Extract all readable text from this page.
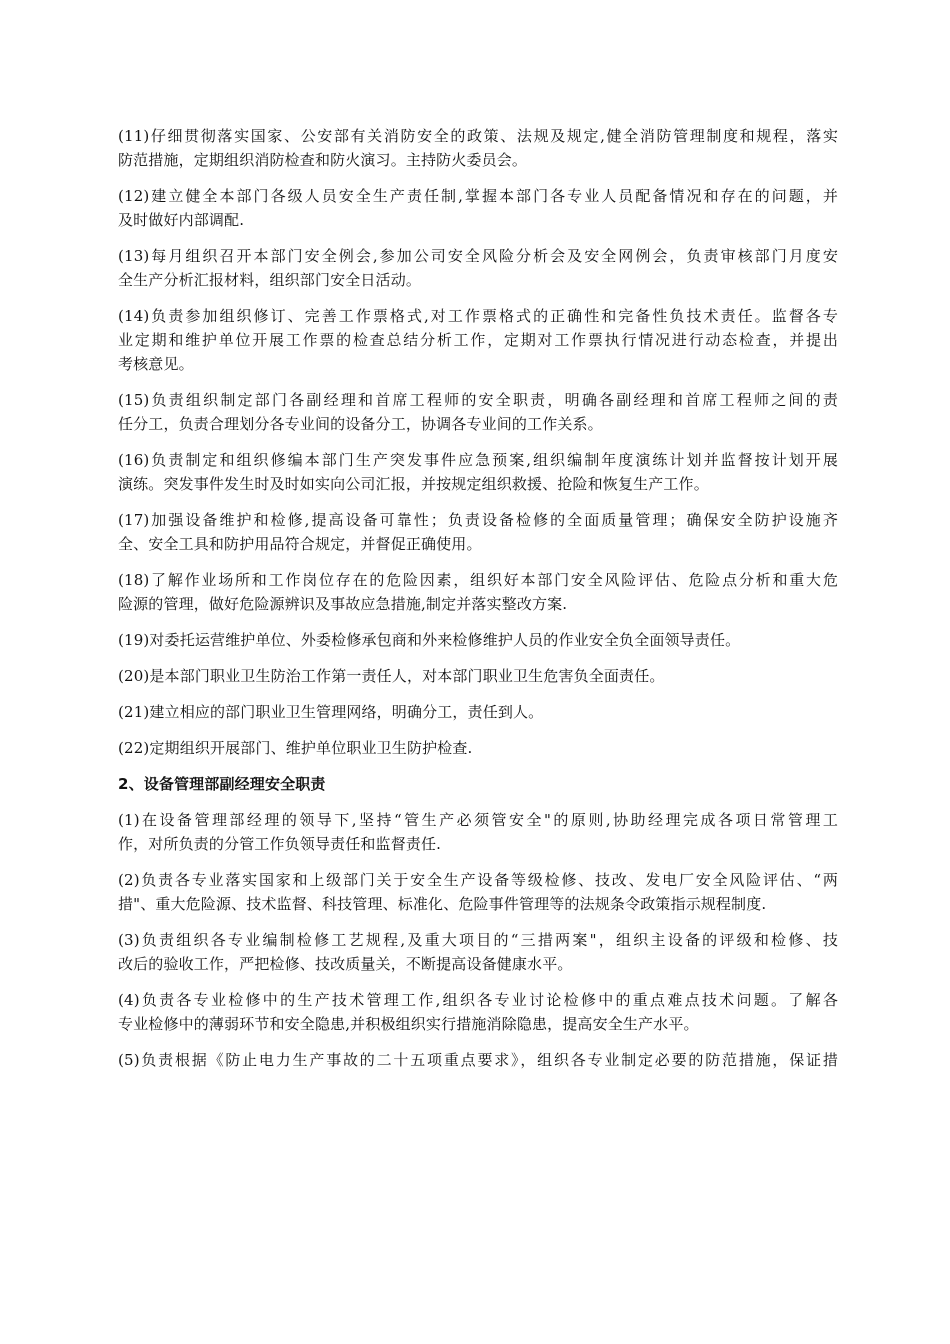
(11)仔细贯彻落实国家、公安部有关消防安全的政策、法规及规定,健全消防管理制度和规程，落实
防范措施，定期组织消防检查和防火演习。主持防火委员会。
(12)建立健全本部门各级人员安全生产责任制,掌握本部门各专业人员配备情况和存在的问题，并
及时做好内部调配.
(13)每月组织召开本部门安全例会,参加公司安全风险分析会及安全网例会，负责审核部门月度安
全生产分析汇报材料，组织部门安全日活动。
(14)负责参加组织修订、完善工作票格式,对工作票格式的正确性和完备性负技术责任。监督各专
业定期和维护单位开展工作票的检查总结分析工作，定期对工作票执行情况进行动态检查，并提出
考核意见。
(15)负责组织制定部门各副经理和首席工程师的安全职责，明确各副经理和首席工程师之间的责
任分工，负责合理划分各专业间的设备分工，协调各专业间的工作关系。
(16)负责制定和组织修编本部门生产突发事件应急预案,组织编制年度演练计划并监督按计划开展
演练。突发事件发生时及时如实向公司汇报，并按规定组织救援、抢险和恢复生产工作。
(17)加强设备维护和检修,提高设备可靠性；负责设备检修的全面质量管理；确保安全防护设施齐
全、安全工具和防护用品符合规定，并督促正确使用。
(18)了解作业场所和工作岗位存在的危险因素，组织好本部门安全风险评估、危险点分析和重大危
险源的管理，做好危险源辨识及事故应急措施,制定并落实整改方案.
(19)对委托运营维护单位、外委检修承包商和外来检修维护人员的作业安全负全面领导责任。
(20)是本部门职业卫生防治工作第一责任人，对本部门职业卫生危害负全面责任。
(21)建立相应的部门职业卫生管理网络，明确分工，责任到人。
(22)定期组织开展部门、维护单位职业卫生防护检查.
2、设备管理部副经理安全职责
(1)在设备管理部经理的领导下,坚持“管生产必须管安全"的原则,协助经理完成各项日常管理工
作，对所负责的分管工作负领导责任和监督责任.
(2)负责各专业落实国家和上级部门关于安全生产设备等级检修、技改、发电厂安全风险评估、“两
措"、重大危险源、技术监督、科技管理、标准化、危险事件管理等的法规条令政策指示规程制度.
(3)负责组织各专业编制检修工艺规程,及重大项目的“三措两案"，组织主设备的评级和检修、技
改后的验收工作，严把检修、技改质量关，不断提高设备健康水平。
(4)负责各专业检修中的生产技术管理工作,组织各专业讨论检修中的重点难点技术问题。了解各
专业检修中的薄弱环节和安全隐患,并积极组织实行措施消除隐患，提高安全生产水平。
(5)负责根据《防止电力生产事故的二十五项重点要求》，组织各专业制定必要的防范措施，保证措
